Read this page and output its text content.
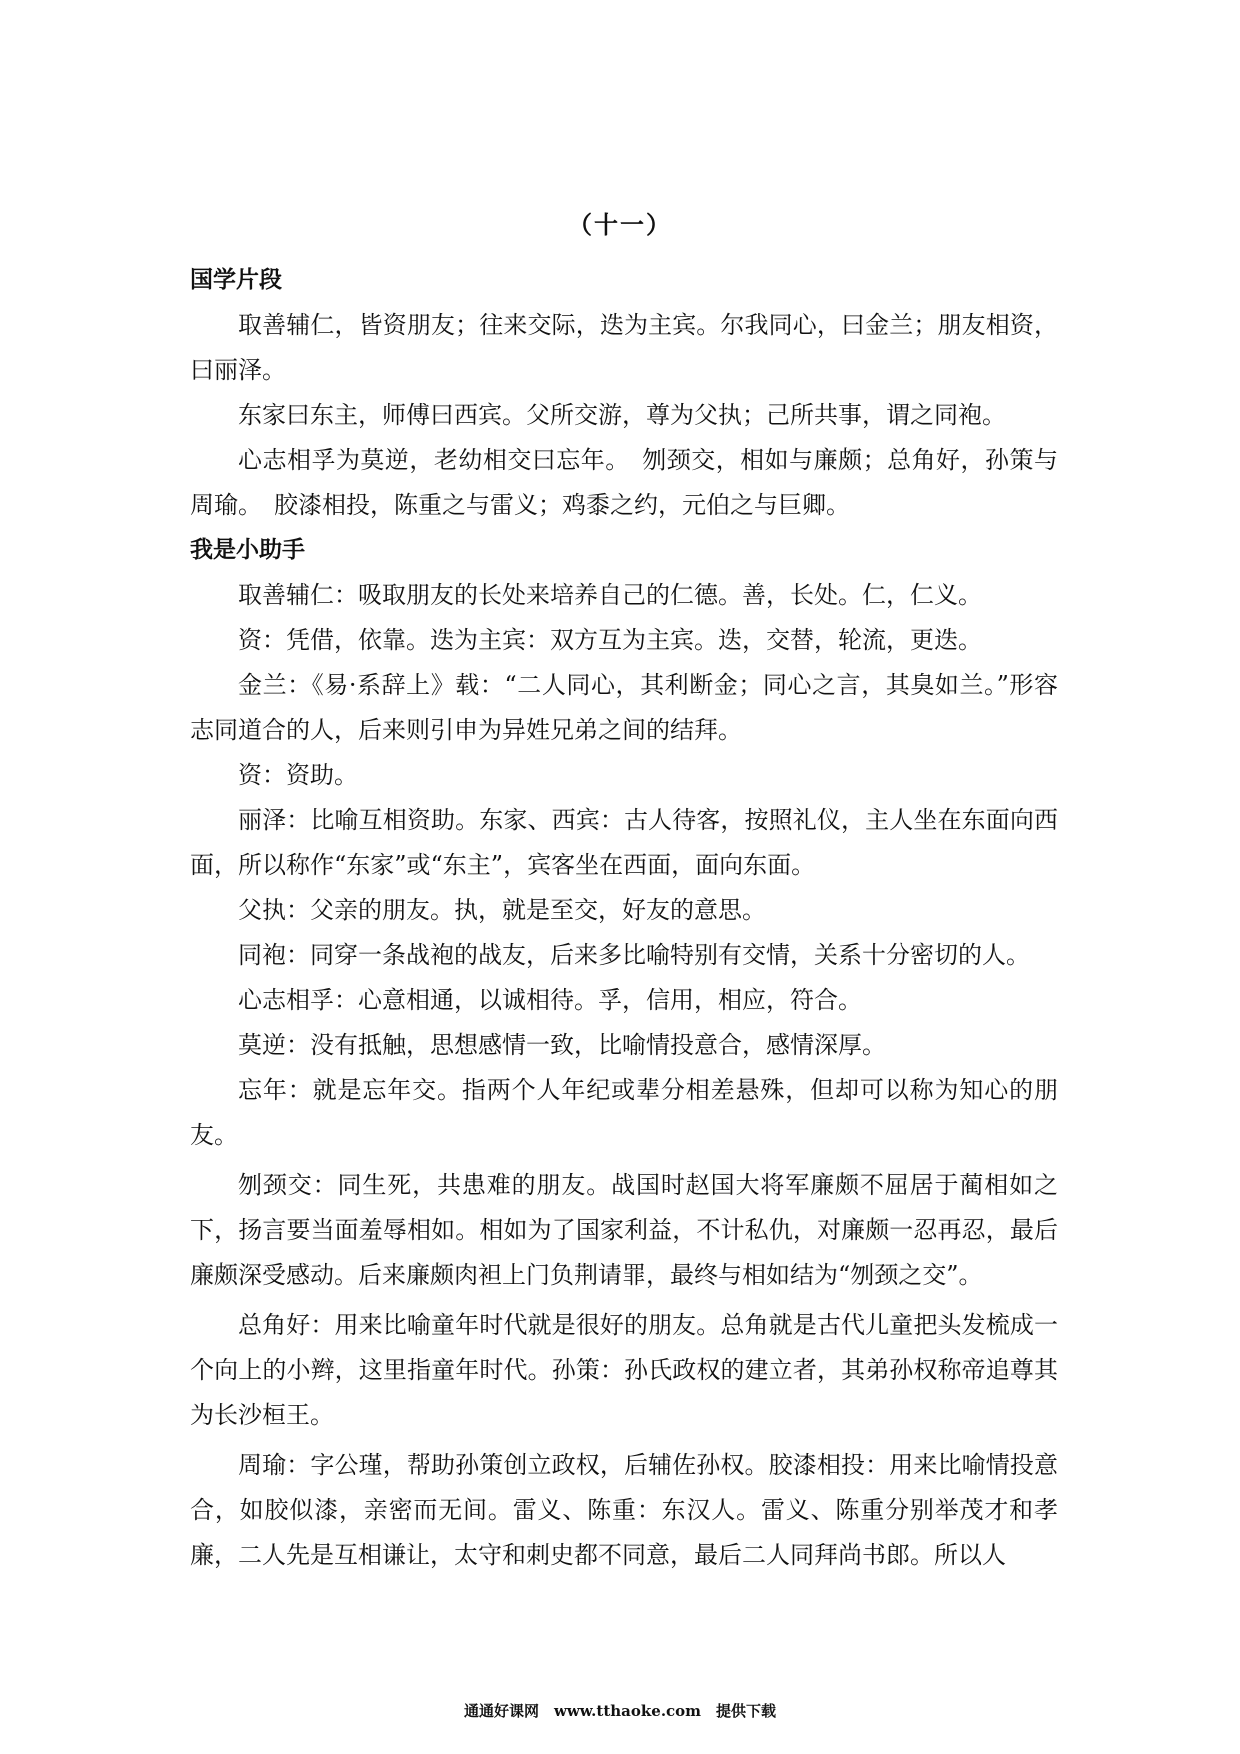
（十一）

国学片段

取善辅仁，皆资朋友；往来交际，迭为主宾。尔我同心，曰金兰；朋友相资，曰丽泽。

东家曰东主，师傅曰西宾。父所交游，尊为父执；己所共事，谓之同袍。

心志相孚为莫逆，老幼相交曰忘年。　刎颈交，相如与廉颇；总角好，孙策与周瑜。　胶漆相投，陈重之与雷义；鸡黍之约，元伯之与巨卿。

我是小助手

取善辅仁：吸取朋友的长处来培养自己的仁德。善，长处。仁，仁义。

资：凭借，依靠。迭为主宾：双方互为主宾。迭，交替，轮流，更迭。

金兰：《易·系辞上》载：“二人同心，其利断金；同心之言，其臭如兰。”形容志同道合的人，后来则引申为异姓兄弟之间的结拜。

资：资助。

丽泽：比喻互相资助。东家、西宾：古人待客，按照礼仪，主人坐在东面向西面，所以称作“东家”或“东主”，宾客坐在西面，面向东面。

父执：父亲的朋友。执，就是至交，好友的意思。

同袍：同穿一条战袍的战友，后来多比喻特别有交情，关系十分密切的人。

心志相孚：心意相通，以诚相待。孚，信用，相应，符合。

莫逆：没有抵触，思想感情一致，比喻情投意合，感情深厚。

忘年：就是忘年交。指两个人年纪或辈分相差悬殊，但却可以称为知心的朋友。

刎颈交：同生死，共患难的朋友。战国时赵国大将军廉颇不屈居于蔺相如之下，扬言要当面羞辱相如。相如为了国家利益，不计私仇，对廉颇一忍再忍，最后廉颇深受感动。后来廉颇肉袒上门负荆请罪，最终与相如结为“刎颈之交”。

总角好：用来比喻童年时代就是很好的朋友。总角就是古代儿童把头发梳成一个向上的小辫，这里指童年时代。孙策：孙氏政权的建立者，其弟孙权称帝追尊其为长沙桓王。

周瑜：字公瑾，帮助孙策创立政权，后辅佐孙权。胶漆相投：用来比喻情投意合，如胶似漆，亲密而无间。雷义、陈重：东汉人。雷义、陈重分别举茂才和孝廉，二人先是互相谦让，太守和刺史都不同意，最后二人同拜尚书郎。所以人

通通好课网　www.tthaoke.com　提供下载
